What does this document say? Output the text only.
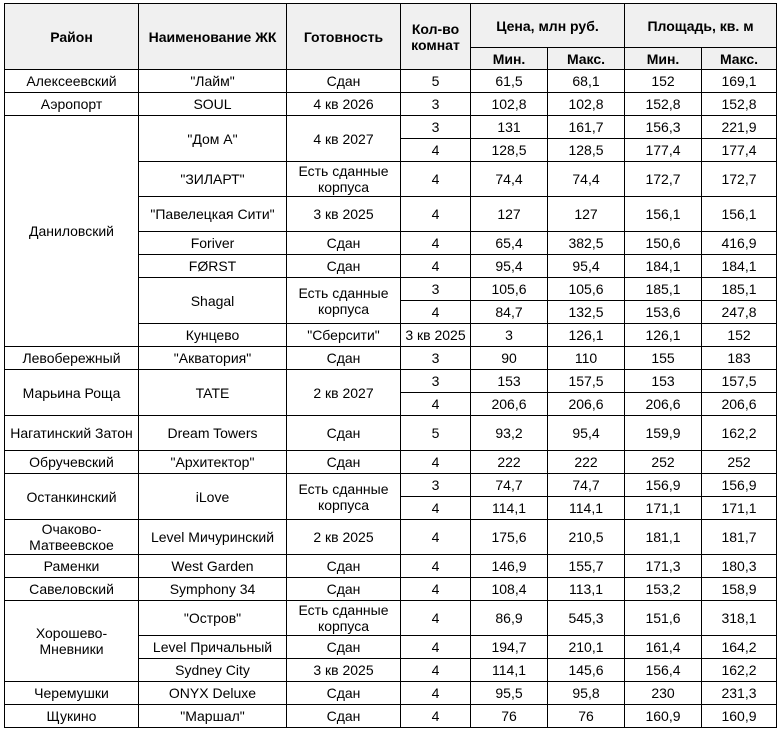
Район	Наименование ЖК	Готовность	Кол-во комнат	Цена, млн руб.		Площадь, кв. м		
				Мин.	Макс.	Мин.	Макс.	
Алексеевский	"Лайм"	Сдан	5	61,5	68,1	152	169,1	
Аэропорт	SOUL	4 кв 2026	3	102,8	102,8	152,8	152,8	
Даниловский	"Дом А"	4 кв 2027	3	131	161,7	156,3	221,9	
			4	128,5	128,5	177,4	177,4	
	"ЗИЛАРТ"	Есть сданные корпуса	4	74,4	74,4	172,7	172,7	
	"Павелецкая Сити"	3 кв 2025	4	127	127	156,1	156,1	
	Foriver	Сдан	4	65,4	382,5	150,6	416,9	
	FØRST	Сдан	4	95,4	95,4	184,1	184,1	
	Shagal	Есть сданные корпуса	3	105,6	105,6	185,1	185,1	
			4	84,7	132,5	153,6	247,8	
	Кунцево	"Сберсити"	3 кв 2025	3	126,1	126,1	152	
Левобережный	"Акватория"	Сдан	3	90	110	155	183	
Марьина Роща	TATE	2 кв 2027	3	153	157,5	153	157,5	
			4	206,6	206,6	206,6	206,6	
Нагатинский Затон	Dream Towers	Сдан	5	93,2	95,4	159,9	162,2	
Обручевский	"Архитектор"	Сдан	4	222	222	252	252	
Останкинский	iLove	Есть сданные корпуса	3	74,7	74,7	156,9	156,9	
			4	114,1	114,1	171,1	171,1	
Очаково-Матвеевское	Level Мичуринский	2 кв 2025	4	175,6	210,5	181,1	181,7	
Раменки	West Garden	Сдан	4	146,9	155,7	171,3	180,3	
Савеловский	Symphony 34	Сдан	4	108,4	113,1	153,2	158,9	
Хорошево-Мневники	"Остров"	Есть сданные корпуса	4	86,9	545,3	151,6	318,1	
	Level Причальный	Сдан	4	194,7	210,1	161,4	164,2	
	Sydney City	3 кв 2025	4	114,1	145,6	156,4	162,2	
Черемушки	ONYX Deluxe	Сдан	4	95,5	95,8	230	231,3	
Щукино	"Маршал"	Сдан	4	76	76	160,9	160,9	
